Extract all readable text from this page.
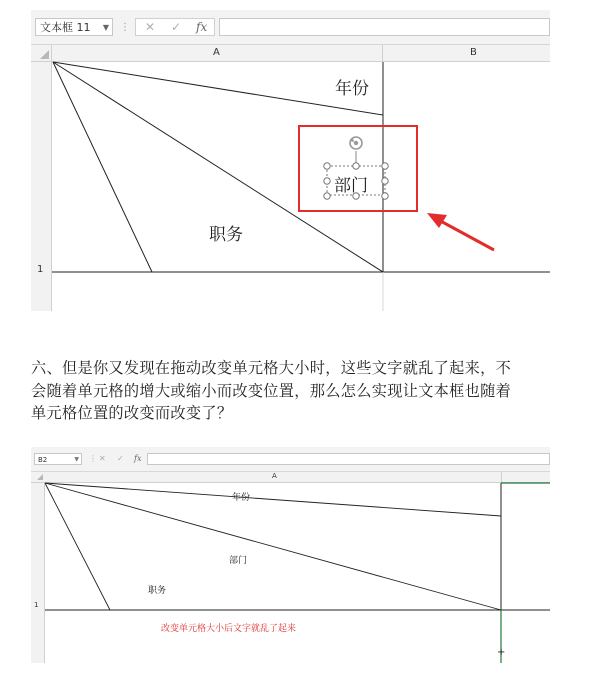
文本框 11 ▼ ⋮ ✕ ✓ fx
A	B
1
年份
职务
部门
六、但是你又发现在拖动改变单元格大小时，这些文字就乱了起来，不
会随着单元格的增大或缩小而改变位置，那么怎么实现让文本框也随着
单元格位置的改变而改变了？
B2	▼ ⋮ ✕ ✓ fx
A
1
+
年份
部门
职务
改变单元格大小后文字就乱了起来
